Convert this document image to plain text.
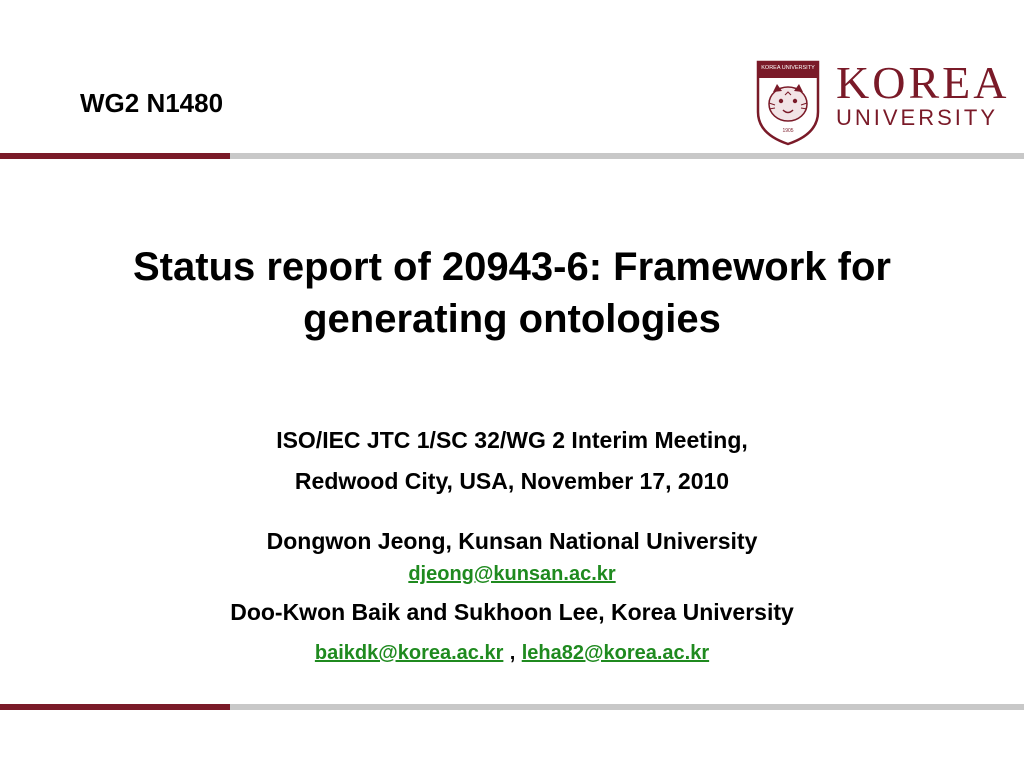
WG2 N1480
KOREA UNIVERSITY
1905
KOREA
UNIVERSITY
Status report of 20943-6: Framework for
generating ontologies
ISO/IEC JTC 1/SC 32/WG 2 Interim Meeting,
Redwood City, USA, November 17, 2010
Dongwon Jeong, Kunsan National University
djeong@kunsan.ac.kr
Doo-Kwon Baik and Sukhoon Lee, Korea University
baikdk@korea.ac.kr , leha82@korea.ac.kr
